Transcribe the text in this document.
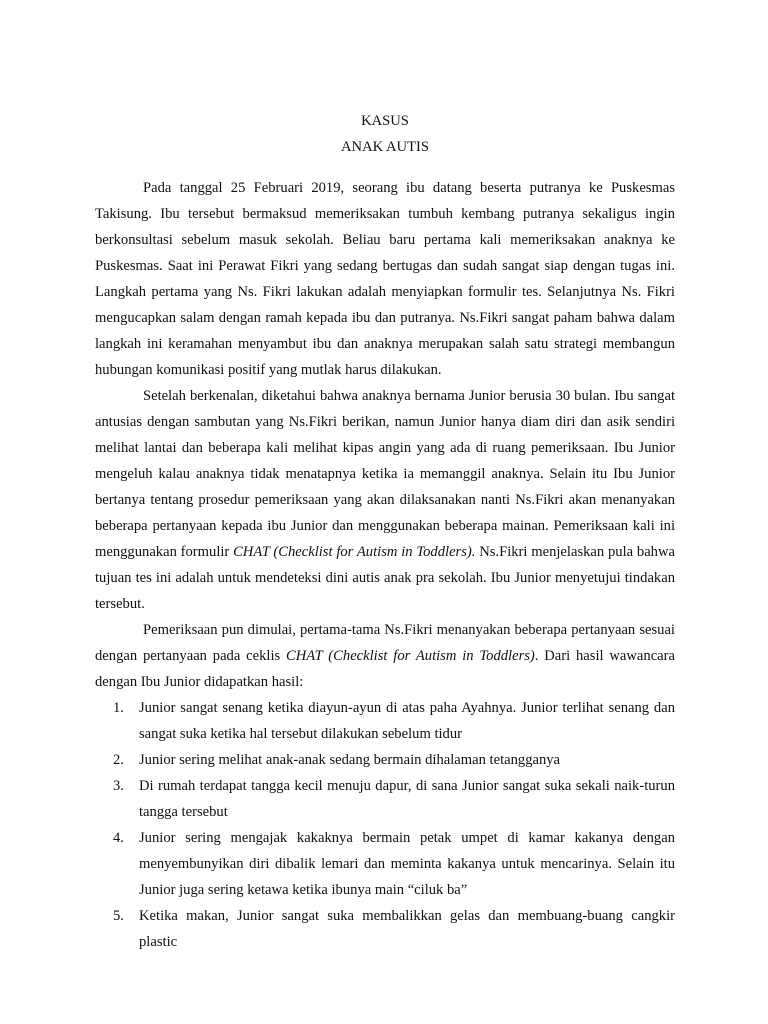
KASUS

ANAK AUTIS

Pada tanggal 25 Februari 2019, seorang ibu datang beserta putranya ke Puskesmas Takisung. Ibu tersebut bermaksud memeriksakan tumbuh kembang putranya sekaligus ingin berkonsultasi sebelum masuk sekolah. Beliau baru pertama kali memeriksakan anaknya ke Puskesmas. Saat ini Perawat Fikri yang sedang bertugas dan sudah sangat siap dengan tugas ini. Langkah pertama yang Ns. Fikri lakukan adalah menyiapkan formulir tes. Selanjutnya Ns. Fikri mengucapkan salam dengan ramah kepada ibu dan putranya. Ns.Fikri sangat paham bahwa dalam langkah ini keramahan menyambut ibu dan anaknya merupakan salah satu strategi membangun hubungan komunikasi positif yang mutlak harus dilakukan.

Setelah berkenalan, diketahui bahwa anaknya bernama Junior berusia 30 bulan. Ibu sangat antusias dengan sambutan yang Ns.Fikri berikan, namun Junior hanya diam diri dan asik sendiri melihat lantai dan beberapa kali melihat kipas angin yang ada di ruang pemeriksaan. Ibu Junior mengeluh kalau anaknya tidak menatapnya ketika ia memanggil anaknya. Selain itu Ibu Junior bertanya tentang prosedur pemeriksaan yang akan dilaksanakan nanti Ns.Fikri akan menanyakan beberapa pertanyaan kepada ibu Junior dan menggunakan beberapa mainan. Pemeriksaan kali ini menggunakan formulir CHAT (Checklist for Autism in Toddlers). Ns.Fikri menjelaskan pula bahwa tujuan tes ini adalah untuk mendeteksi dini autis anak pra sekolah. Ibu Junior menyetujui tindakan tersebut.

Pemeriksaan pun dimulai, pertama-tama Ns.Fikri menanyakan beberapa pertanyaan sesuai dengan pertanyaan pada ceklis CHAT (Checklist for Autism in Toddlers). Dari hasil wawancara dengan Ibu Junior didapatkan hasil:

1. Junior sangat senang ketika diayun-ayun di atas paha Ayahnya. Junior terlihat senang dan sangat suka ketika hal tersebut dilakukan sebelum tidur
2. Junior sering melihat anak-anak sedang bermain dihalaman tetangganya
3. Di rumah terdapat tangga kecil menuju dapur, di sana Junior sangat suka sekali naik-turun tangga tersebut
4. Junior sering mengajak kakaknya bermain petak umpet di kamar kakanya dengan menyembunyikan diri dibalik lemari dan meminta kakanya untuk mencarinya. Selain itu Junior juga sering ketawa ketika ibunya main “ciluk ba”
5. Ketika makan, Junior sangat suka membalikkan gelas dan membuang-buang cangkir plastic
